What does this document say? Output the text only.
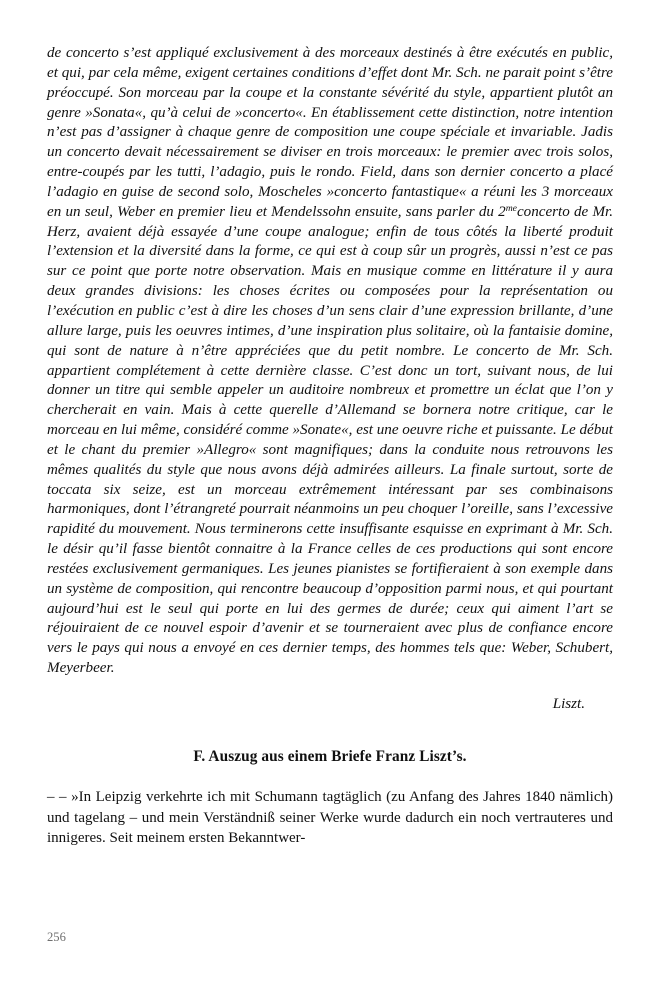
de concerto s’est appliqué exclusivement à des morceaux destinés à être exécutés en public, et qui, par cela même, exigent certaines conditions d’effet dont Mr. Sch. ne parait point s’être préoccupé. Son morceau par la coupe et la constante sévérité du style, appartient plutôt an genre »Sonata«, qu’à celui de »concerto«. En établissement cette distinction, notre intention n’est pas d’assigner à chaque genre de composition une coupe spéciale et invariable. Jadis un concerto devait nécessairement se diviser en trois morceaux: le premier avec trois solos, entre-coupés par les tutti, l’adagio, puis le rondo. Field, dans son dernier concerto a placé l’adagio en guise de second solo, Moscheles »concerto fantastique« a réuni les 3 morceaux en un seul, Weber en premier lieu et Mendelssohn ensuite, sans parler du $2^{me}concerto$ de Mr. Herz, avaient déjà essayée d’une coupe analogue; enfin de tous côtés la liberté produit l’extension et la diversité dans la forme, ce qui est à coup sûr un progrès, aussi n’est ce pas sur ce point que porte notre observation. Mais en musique comme en littérature il y aura deux grandes divisions: les choses écrites ou composées pour la représentation ou l’exécution en public c’est à dire les choses d’un sens clair d’une expression brillante, d’une allure large, puis les oeuvres intimes, d’une inspiration plus solitaire, où la fantaisie domine, qui sont de nature à n’être appréciées que du petit nombre. Le concerto de Mr. Sch. appartient complétement à cette dernière classe. C’est donc un tort, suivant nous, de lui donner un titre qui semble appeler un auditoire nombreux et promettre un éclat que l’on y chercherait en vain. Mais à cette querelle d’Allemand se bornera notre critique, car le morceau en lui même, considéré comme »Sonate«, est une oeuvre riche et puissante. Le début et le chant du premier »Allegro« sont magnifiques; dans la conduite nous retrouvons les mêmes qualités du style que nous avons déjà admirées ailleurs. La finale surtout, sorte de toccata six seize, est un morceau extrêmement intéressant par ses combinaisons harmoniques, dont l’étrangreté pourrait néanmoins un peu choquer l’oreille, sans l’excessive rapidité du mouvement. Nous terminerons cette insuffisante esquisse en exprimant à Mr. Sch. le désir qu’il fasse bientôt connaitre à la France celles de ces productions qui sont encore restées exclusivement germaniques. Les jeunes pianistes se fortifieraient à son exemple dans un système de composition, qui rencontre beaucoup d’opposition parmi nous, et qui pourtant aujourd’hui est le seul qui porte en lui des germes de durée; ceux qui aiment l’art se réjouiraient de ce nouvel espoir d’avenir et se tourneraient avec plus de confiance encore vers le pays qui nous a envoyé en ces dernier temps, des hommes tels que: Weber, Schubert, Meyerbeer.

Liszt.

F. Auszug aus einem Briefe Franz Liszt’s.

– – »In Leipzig verkehrte ich mit Schumann tagtäglich (zu Anfang des Jahres 1840 nämlich) und tagelang – und mein Verständniß seiner Werke wurde dadurch ein noch vertrauteres und innigeres. Seit meinem ersten Bekanntwer-

256
